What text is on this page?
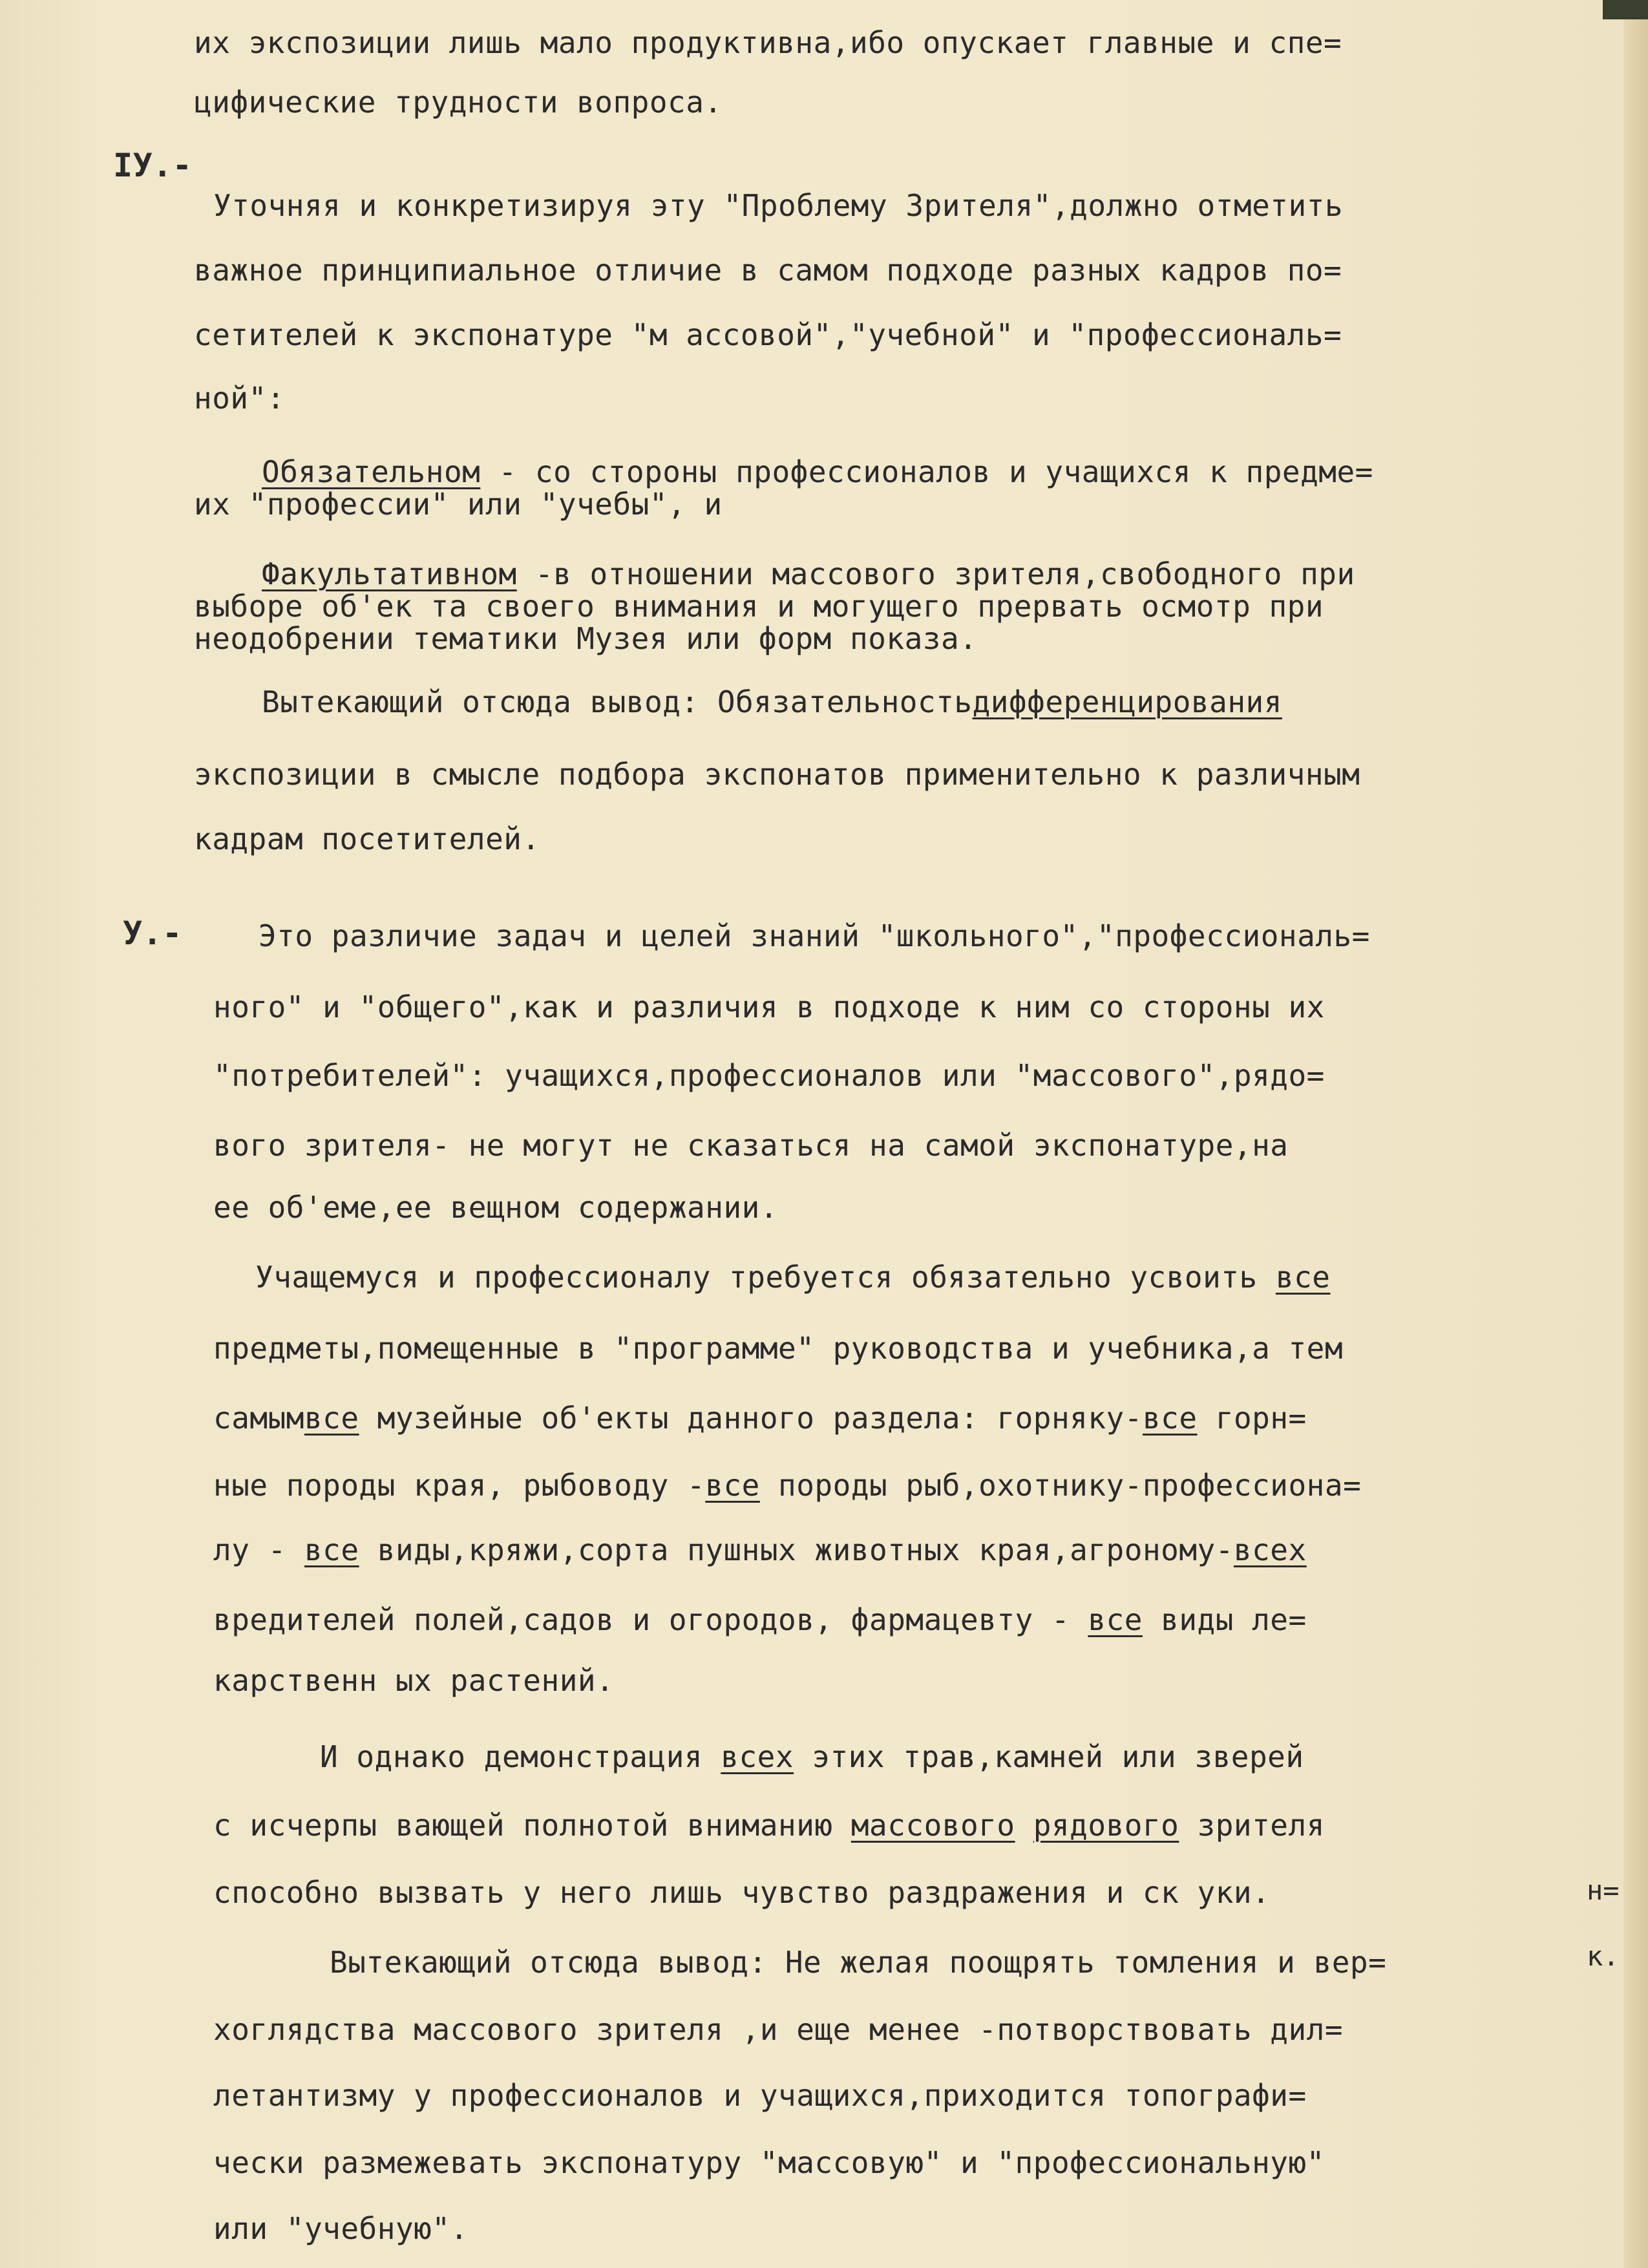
их экспозиции лишь мало продуктивна,ибо опускает главные и спе=
цифические трудности вопроса.
ІУ.-
Уточняя и конкретизируя эту "Проблему Зрителя",должно отметить
важное принципиальное отличие в самом подходе разных кадров по=
сетителей к экспонатуре "м ассовой","учебной" и "профессиональ=
ной":
Обязательном - со стороны профессионалов и учащихся к предме=
их "профессии" или "учебы", и
Факультативном -в отношении массового зрителя,свободного при
выборе об'ек та своего внимания и могущего прервать осмотр при
неодобрении тематики Музея или форм показа.
Вытекающий отсюда вывод: Обязательностьдифференцирования
экспозиции в смысле подбора экспонатов применительно к различным
кадрам посетителей.
У.-	Это различие задач и целей знаний "школьного","профессиональ=
ного" и "общего",как и различия в подходе к ним со стороны их
"потребителей": учащихся,профессионалов или "массового",рядо=
вого зрителя- не могут не сказаться на самой экспонатуре,на
ее об'еме,ее вещном содержании.
Учащемуся и профессионалу требуется обязательно усвоить все
предметы,помещенные в "программе" руководства и учебника,а тем
самымвсе музейные об'екты данного раздела: горняку-все горн=
ные породы края, рыбоводу -все породы рыб,охотнику-профессиона=
лу - все виды,кряжи,сорта пушных животных края,агроному-всех
вредителей полей,садов и огородов, фармацевту - все виды ле=
карственн ых растений.
И однако демонстрация всех этих трав,камней или зверей
с исчерпы вающей полнотой вниманию массового рядового зрителя
способно вызвать у него лишь чувство раздражения и ск уки.
Вытекающий отсюда вывод: Не желая поощрять томления и вер=
хоглядства массового зрителя ,и еще менее -потворствовать дил=
летантизму у профессионалов и учащихся,приходится топографи=
чески размежевать экспонатуру "массовую" и "профессиональную"
или "учебную".
н=
к.
